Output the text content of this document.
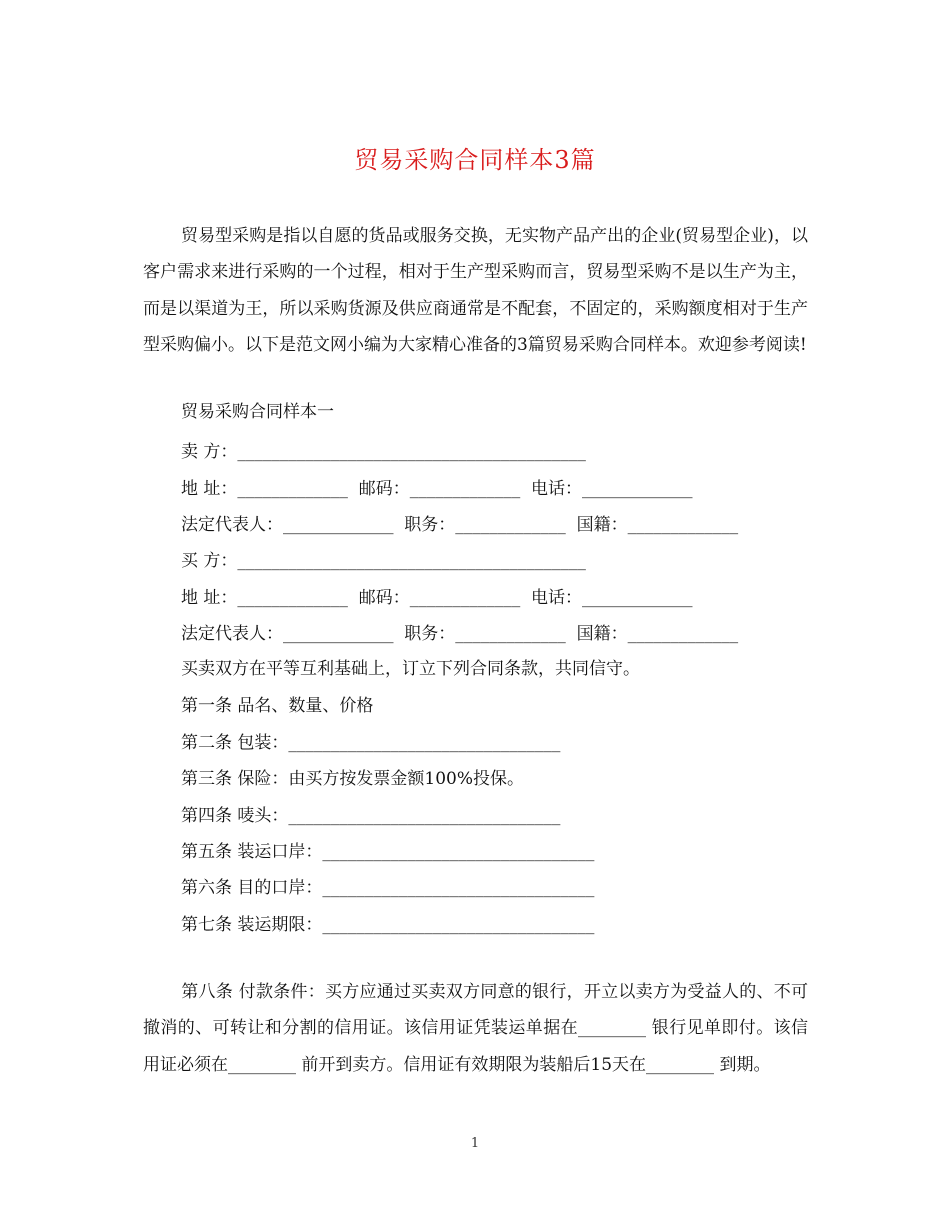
贸易采购合同样本3篇

贸易型采购是指以自愿的货品或服务交换，无实物产品产出的企业(贸易型企业)，以客户需求来进行采购的一个过程，相对于生产型采购而言，贸易型采购不是以生产为主，而是以渠道为王，所以采购货源及供应商通常是不配套，不固定的，采购额度相对于生产型采购偏小。以下是范文网小编为大家精心准备的3篇贸易采购合同样本。欢迎参考阅读!

贸易采购合同样本一
卖 方：_________________________________________
地 址：_____________  邮码：_____________  电话：_____________
法定代表人：_____________  职务：_____________  国籍：_____________
买 方：_________________________________________
地 址：_____________  邮码：_____________  电话：_____________
法定代表人：_____________  职务：_____________  国籍：_____________
买卖双方在平等互利基础上，订立下列合同条款，共同信守。
第一条 品名、数量、价格
第二条 包装：________________________________
第三条 保险：由买方按发票金额100%投保。
第四条 唛头：________________________________
第五条 装运口岸：________________________________
第六条 目的口岸：________________________________
第七条 装运期限：________________________________

第八条 付款条件：买方应通过买卖双方同意的银行，开立以卖方为受益人的、不可撤消的、可转让和分割的信用证。该信用证凭装运单据在________ 银行见单即付。该信用证必须在________ 前开到卖方。信用证有效期限为装船后15天在________ 到期。

1
